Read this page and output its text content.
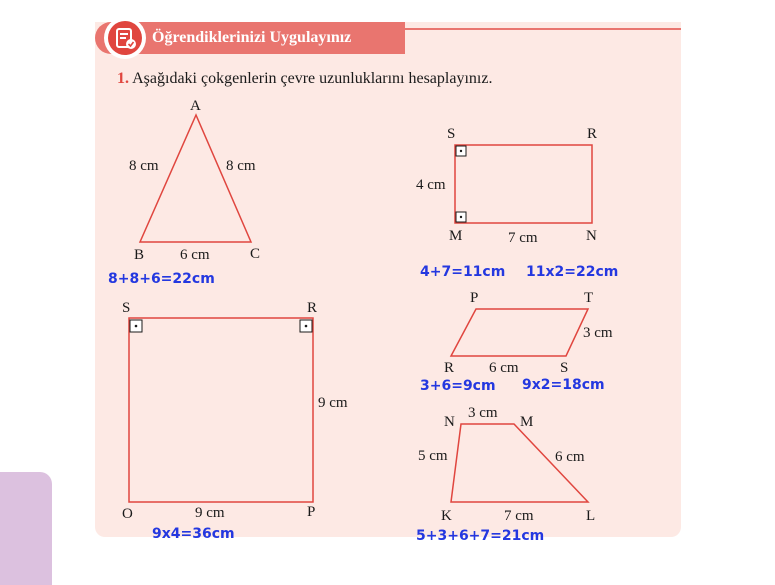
Öğrendiklerinizi Uygulayınız
1. Aşağıdaki çokgenlerin çevre uzunluklarını hesaplayınız.
A
B	C
8 cm	8 cm
6 cm
8+8+6=22cm
S	R
M	N
4 cm
7 cm
4+7=11cm 11x2=22cm
S	R
O	P
9 cm
9 cm
9x4=36cm
P	T
R	S
3 cm
6 cm
3+6=9cm 9x2=18cm
N	M
K	L
3 cm
5 cm	6 cm
7 cm
5+3+6+7=21cm
